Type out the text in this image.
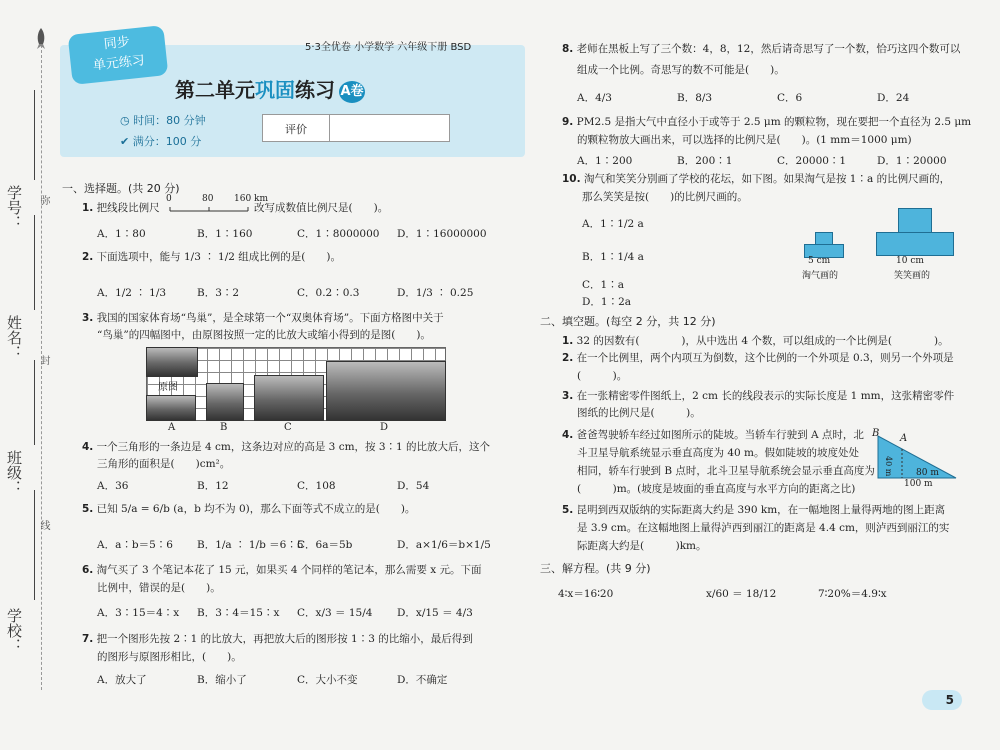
学号： 弥
姓名： 封
班级：
线
学校：
同步
单元练习
5·3全优卷 小学数学 六年级下册 BSD
第二单元巩固练习 A卷
◷ 时间：80 分钟
✔ 满分：100 分
评价
一、选择题。(共 20 分)
1. 把线段比例尺
0	80 160 km
改写成数值比例尺是(　　)。
A．1∶80	B．1∶160	C．1∶8000000 D．1∶16000000
2. 下面选项中，能与 1/3 ∶ 1/2 组成比例的是(　　)。
A．1/2 ∶ 1/3	B．3∶2	C．0.2∶0.3	D．1/3 ∶ 0.25
3. 我国的国家体育场“鸟巢”，是全球第一个“双奥体育场”。下面方格图中关于
“鸟巢”的四幅图中，由原图按照一定的比放大或缩小得到的是图(　　)。
原图
A	B	C	D
4. 一个三角形的一条边是 4 cm，这条边对应的高是 3 cm，按 3∶1 的比放大后，这个
三角形的面积是(　　)cm²。
A．36	B．12	C．108	D．54
5. 已知 5/a = 6/b (a，b 均不为 0)，那么下面等式不成立的是(　　)。
A．a∶b＝5∶6 B．1/a ∶ 1/b ＝6∶5
C．6a＝5b	D．a×1/6＝b×1/5
6. 淘气买了 3 个笔记本花了 15 元，如果买 4 个同样的笔记本，那么需要 x 元。下面
比例中，错误的是(　　)。
A．3∶15＝4∶x B．3∶4＝15∶x C．x/3 ＝ 15/4 D．x/15 ＝ 4/3
7. 把一个图形先按 2∶1 的比放大，再把放大后的图形按 1∶3 的比缩小，最后得到
的图形与原图形相比，(　　)。
A．放大了	B．缩小了	C．大小不变	D．不确定
8. 老师在黑板上写了三个数：4，8，12，然后请奇思写了一个数，恰巧这四个数可以
组成一个比例。奇思写的数不可能是(　　)。
A．4/3	B．8/3	C．6	D．24
9. PM2.5 是指大气中直径小于或等于 2.5 μm 的颗粒物，现在要把一个直径为 2.5 μm
的颗粒物放大画出来，可以选择的比例尺是(　　)。(1 mm＝1000 μm)
A．1∶200	B．200∶1	C．20000∶1	D．1∶20000
10. 淘气和笑笑分别画了学校的花坛，如下图。如果淘气是按 1∶a 的比例尺画的，
那么笑笑是按(　　)的比例尺画的。
A．1∶1/2 a
B．1∶1/4 a
C．1∶a
D．1∶2a
5 cm
淘气画的
10 cm
笑笑画的
二、填空题。(每空 2 分，共 12 分)
1. 32 的因数有(　　　　)，从中选出 4 个数，可以组成的一个比例是(　　　　)。
2. 在一个比例里，两个内项互为倒数，这个比例的一个外项是 0.3，则另一个外项是
(　　　)。
3. 在一张精密零件图纸上，2 cm 长的线段表示的实际长度是 1 mm，这张精密零件
图纸的比例尺是(　　　)。
4. 爸爸驾驶轿车经过如图所示的陡坡。当轿车行驶到 A 点时，北
斗卫星导航系统显示垂直高度为 40 m。假如陡坡的坡度处处
相同，轿车行驶到 B 点时，北斗卫星导航系统会显示垂直高度为
(　　　)m。(坡度是坡面的垂直高度与水平方向的距离之比)
B A
40 m	80 m
100 m
5. 昆明到西双版纳的实际距离大约是 390 km，在一幅地图上量得两地的图上距离
是 3.9 cm。在这幅地图上量得泸西到丽江的距离是 4.4 cm，则泸西到丽江的实
际距离大约是(　　　)km。
三、解方程。(共 9 分)
4∶x＝16∶20	x/60 ＝ 18/12	7∶20%＝4.9∶x
5
